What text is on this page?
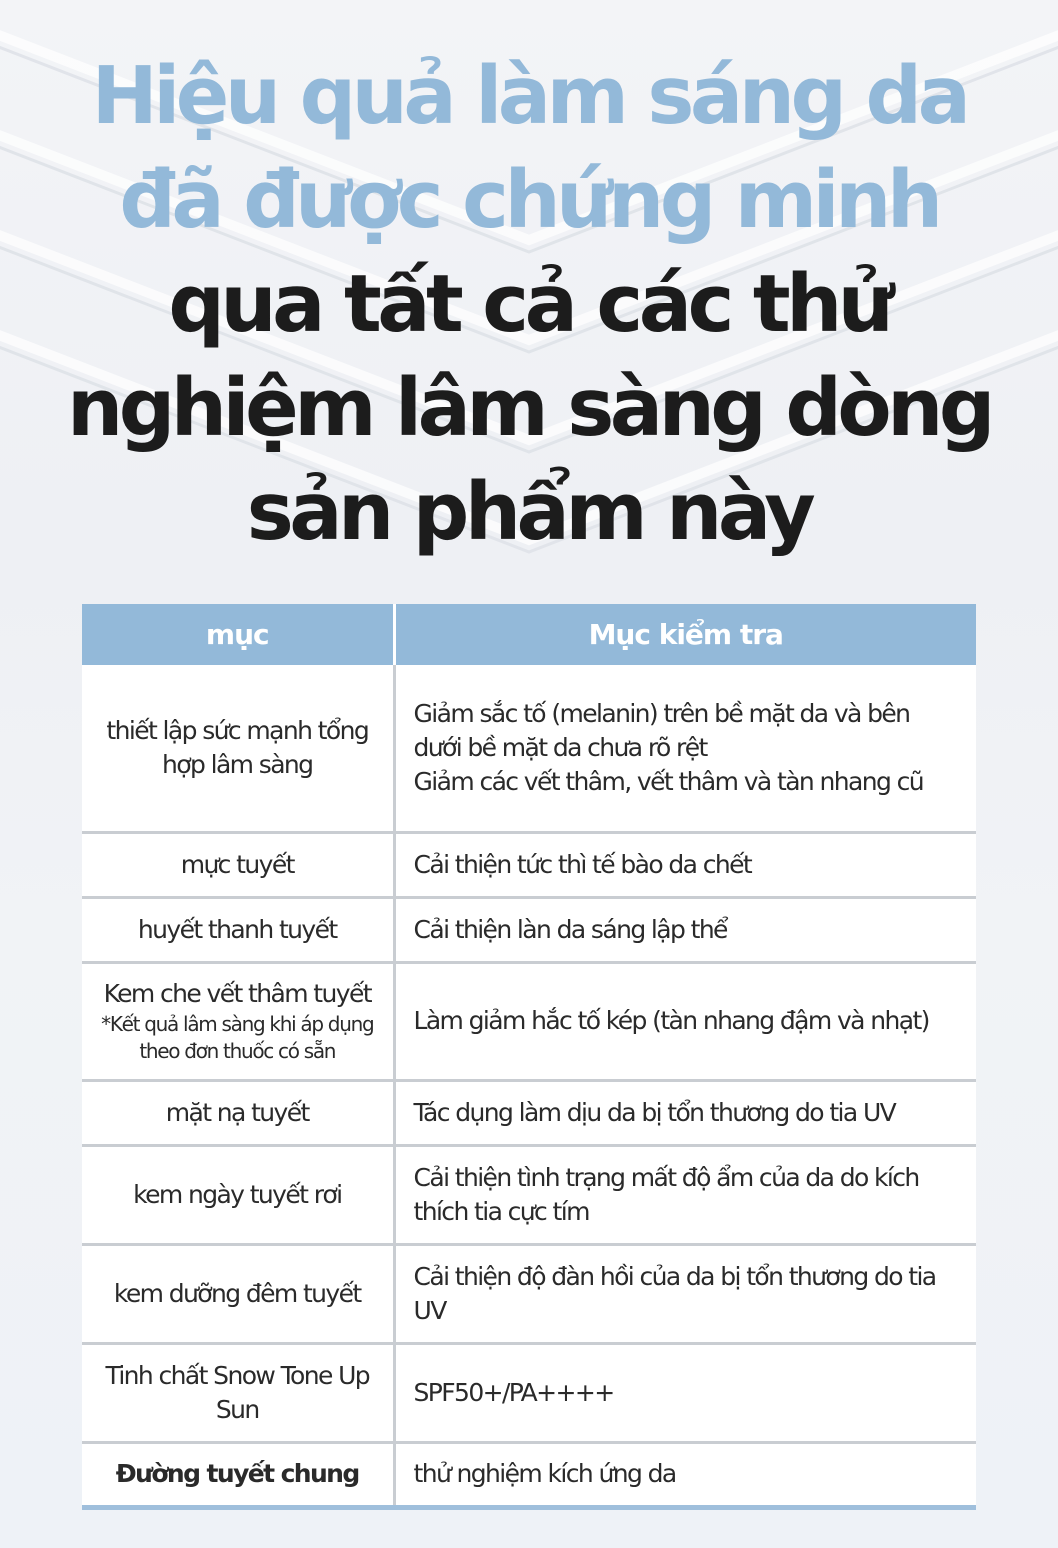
Hiệu quả làm sáng da
đã được chứng minh
qua tất cả các thử
nghiệm lâm sàng dòng
sản phẩm này
mục	Mục kiểm tra
thiết lập sức mạnh tổng hợp lâm sàng	Giảm sắc tố (melanin) trên bề mặt da và bên dưới bề mặt da chưa rõ rệt
Giảm các vết thâm, vết thâm và tàn nhang cũ

mực tuyết	Cải thiện tức thì tế bào da chết
huyết thanh tuyết	Cải thiện làn da sáng lập thể

Kem che vết thâm tuyết
*Kết quả lâm sàng khi áp dụng theo đơn thuốc có sẵn	Làm giảm hắc tố kép (tàn nhang đậm và nhạt)
mặt nạ tuyết	Tác dụng làm dịu da bị tổn thương do tia UV
kem ngày tuyết rơi	Cải thiện tình trạng mất độ ẩm của da do kích thích tia cực tím
kem dưỡng đêm tuyết	Cải thiện độ đàn hồi của da bị tổn thương do tia UV
Tinh chất Snow Tone Up Sun	SPF50+/PA++++
Đường tuyết chung	thử nghiệm kích ứng da
